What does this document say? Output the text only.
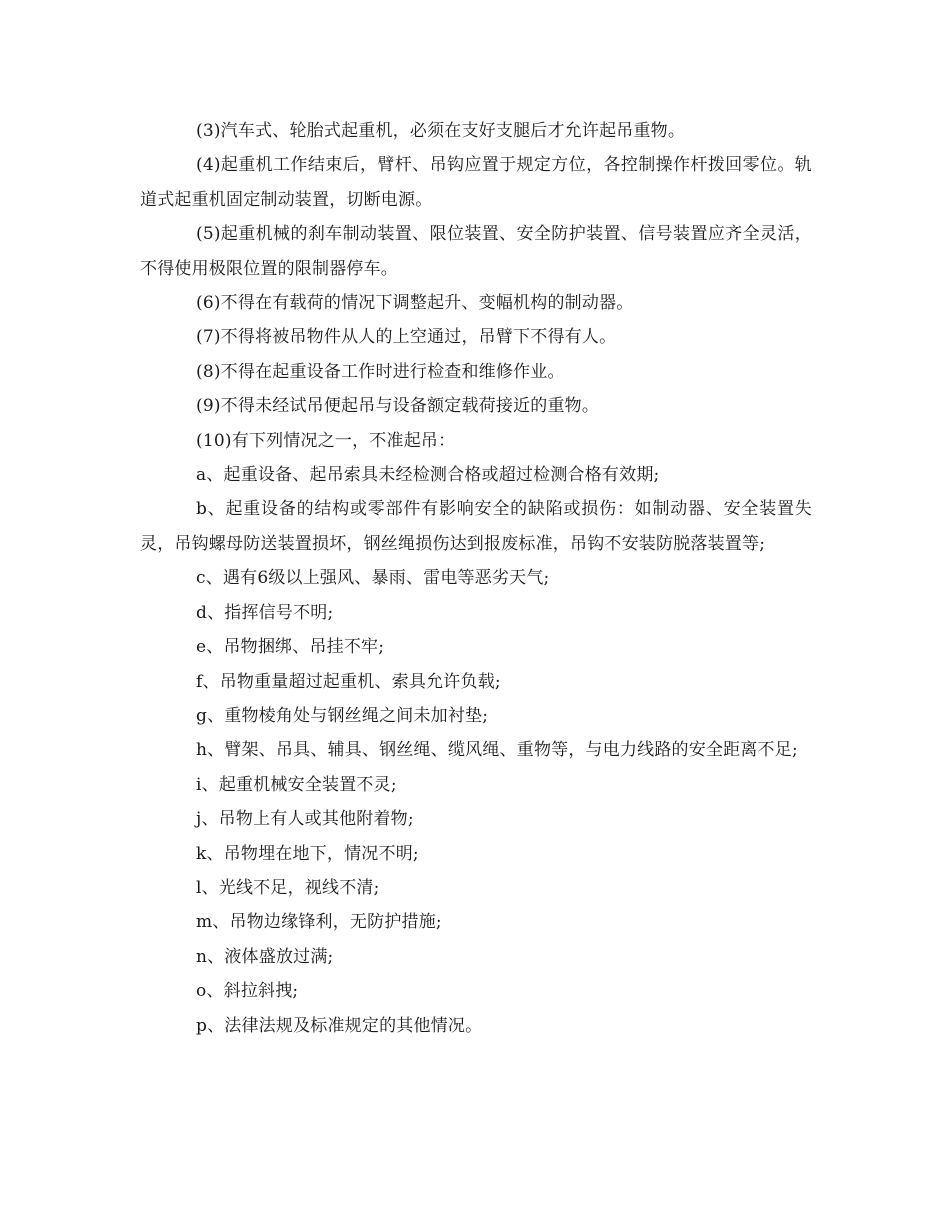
(3)汽车式、轮胎式起重机，必须在支好支腿后才允许起吊重物。

(4)起重机工作结束后，臂杆、吊钩应置于规定方位，各控制操作杆拨回零位。轨道式起重机固定制动装置，切断电源。

(5)起重机械的刹车制动装置、限位装置、安全防护装置、信号装置应齐全灵活，不得使用极限位置的限制器停车。

(6)不得在有载荷的情况下调整起升、变幅机构的制动器。

(7)不得将被吊物件从人的上空通过，吊臂下不得有人。

(8)不得在起重设备工作时进行检查和维修作业。

(9)不得未经试吊便起吊与设备额定载荷接近的重物。

(10)有下列情况之一，不准起吊：

a、起重设备、起吊索具未经检测合格或超过检测合格有效期;

b、起重设备的结构或零部件有影响安全的缺陷或损伤：如制动器、安全装置失灵，吊钩螺母防送装置损坏，钢丝绳损伤达到报废标准，吊钩不安装防脱落装置等;

c、遇有6级以上强风、暴雨、雷电等恶劣天气;

d、指挥信号不明;

e、吊物捆绑、吊挂不牢;

f、吊物重量超过起重机、索具允许负载;

g、重物棱角处与钢丝绳之间未加衬垫;

h、臂架、吊具、辅具、钢丝绳、缆风绳、重物等，与电力线路的安全距离不足;

i、起重机械安全装置不灵;

j、吊物上有人或其他附着物;

k、吊物埋在地下，情况不明;

l、光线不足，视线不清;

m、吊物边缘锋利，无防护措施;

n、液体盛放过满;

o、斜拉斜拽;

p、法律法规及标准规定的其他情况。
